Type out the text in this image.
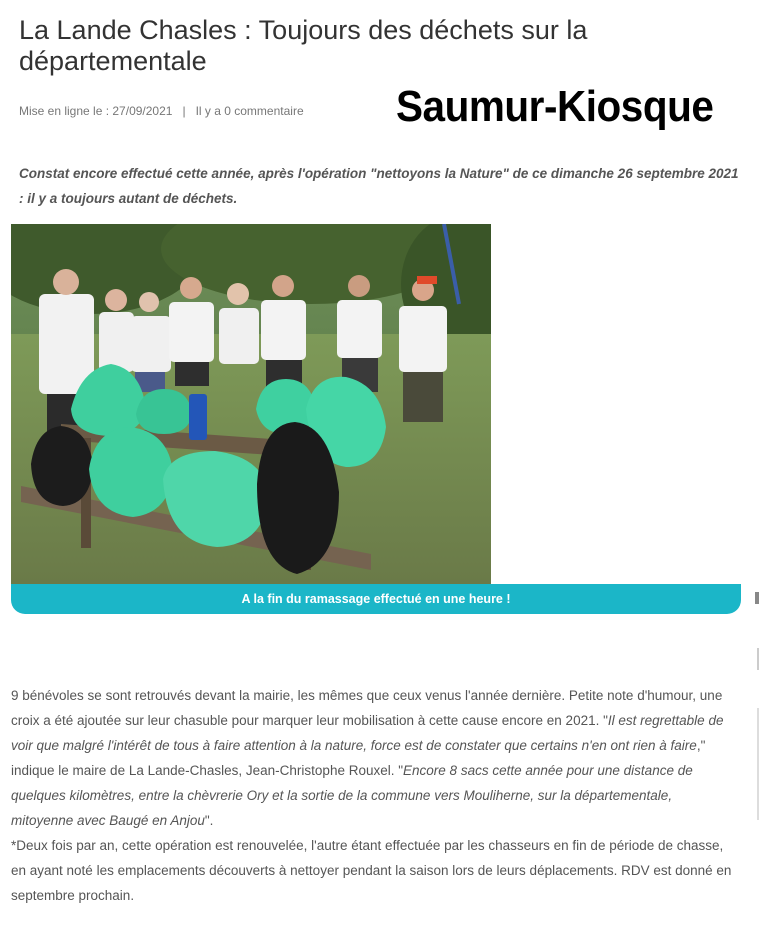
La Lande Chasles : Toujours des déchets sur la départementale
Mise en ligne le : 27/09/2021 | Il y a 0 commentaire Saumur-Kiosque

Constat encore effectué cette année, après l'opération "nettoyons la Nature" de ce dimanche 26 septembre 2021 : il y a toujours autant de déchets.

A la fin du ramassage effectué en une heure !
9 bénévoles se sont retrouvés devant la mairie, les mêmes que ceux venus l'année dernière. Petite note d'humour, une croix a été ajoutée sur leur chasuble pour marquer leur mobilisation à cette cause encore en 2021. "Il est regrettable de voir que malgré l'intérêt de tous à faire attention à la nature, force est de constater que certains n'en ont rien à faire," indique le maire de La Lande-Chasles, Jean-Christophe Rouxel. "Encore 8 sacs cette année pour une distance de quelques kilomètres, entre la chèvrerie Ory et la sortie de la commune vers Mouliherne, sur la départementale, mitoyenne avec Baugé en Anjou".
*Deux fois par an, cette opération est renouvelée, l'autre étant effectuée par les chasseurs en fin de période de chasse, en ayant noté les emplacements découverts à nettoyer pendant la saison lors de leurs déplacements. RDV est donné en septembre prochain.
